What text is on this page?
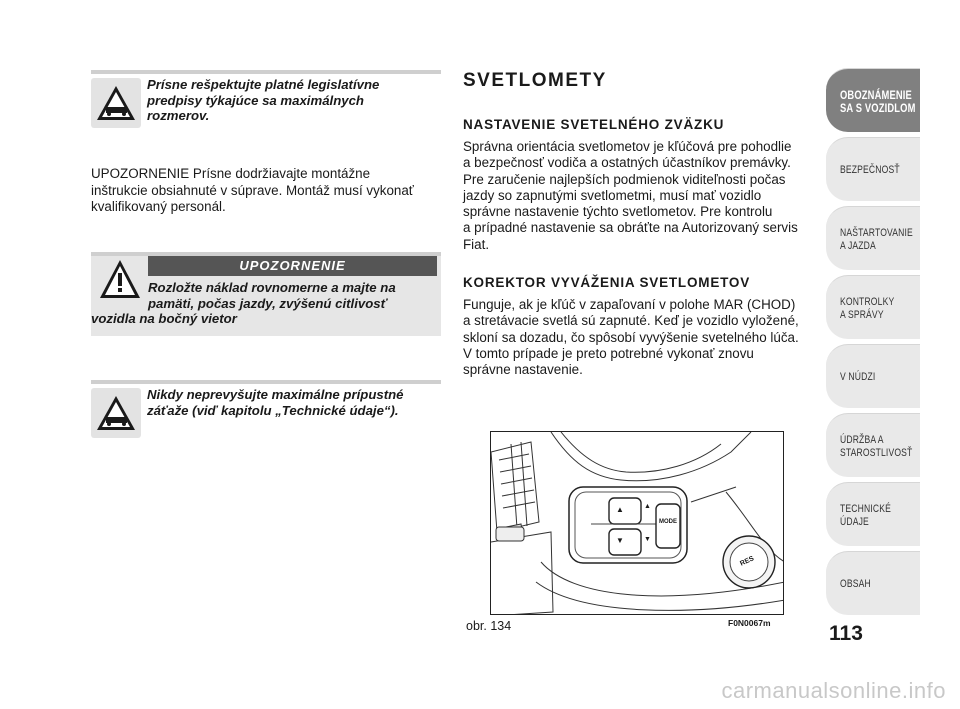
Prísne rešpektujte platné legislatívne
predpisy týkajúce sa maximálnych
rozmerov.
UPOZORNENIE Prísne dodržiavajte montážne
inštrukcie obsiahnuté v súprave. Montáž musí vykonať
kvalifikovaný personál.
UPOZORNENIE
Rozložte náklad rovnomerne a majte na
pamäti, počas jazdy, zvýšenú citlivosť
vozidla na bočný vietor
Nikdy neprevyšujte maximálne prípustné
záťaže (viď kapitolu „Technické údaje“).
SVETLOMETY
NASTAVENIE SVETELNÉHO ZVÄZKU
Správna orientácia svetlometov je kľúčová pre pohodlie
a bezpečnosť vodiča a ostatných účastníkov premávky.
Pre zaručenie najlepších podmienok viditeľnosti počas
jazdy so zapnutými svetlometmi, musí mať vozidlo
správne nastavenie týchto svetlometov. Pre kontrolu
a prípadné nastavenie sa obráťte na Autorizovaný servis
Fiat.
KOREKTOR VYVÁŽENIA SVETLOMETOV
Funguje, ak je kľúč v zapaľovaní v polohe MAR (CHOD)
a stretávacie svetlá sú zapnuté. Keď je vozidlo vyložené,
skloní sa dozadu, čo spôsobí vyvýšenie svetelného lúča.
V tomto prípade je preto potrebné vykonať znovu
správne nastavenie.
▲	▲
▼	▼
MODE
RES
obr. 134	F0N0067m
OBOZNÁMENIE
SA S VOZIDLOM
BEZPEČNOSŤ
NAŠTARTOVANIE
A JAZDA
KONTROLKY
A SPRÁVY
V NÚDZI
ÚDRŽBA A
STAROSTLIVOSŤ
TECHNICKÉ
ÚDAJE
OBSAH
113
carmanualsonline.info
